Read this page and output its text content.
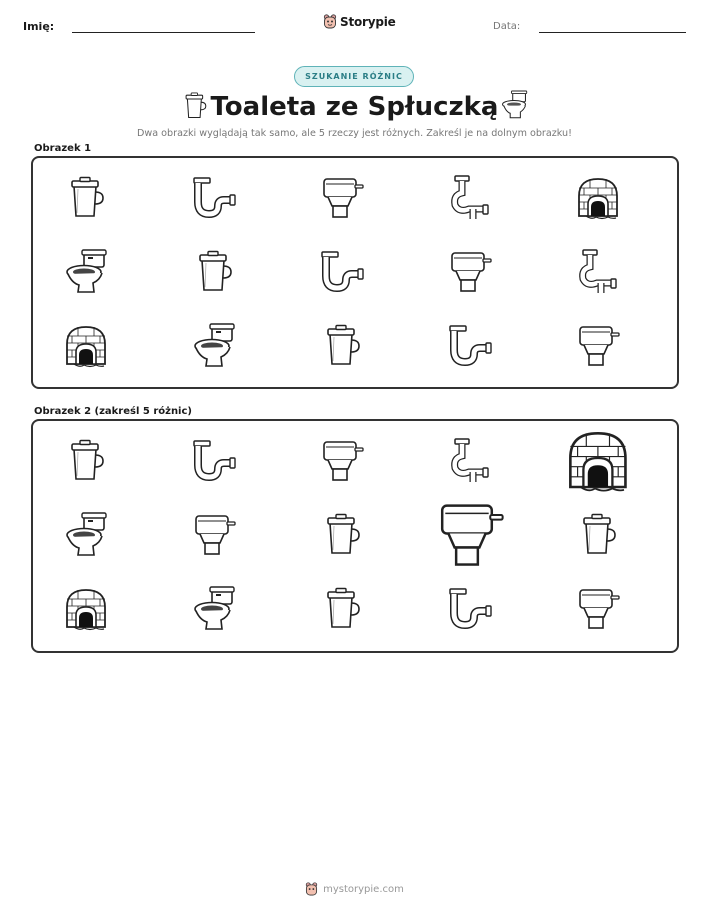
Imię:	Storypie	Data:
SZUKANIE RÓŻNIC
Toaleta ze Spłuczką
Dwa obrazki wyglądają tak samo, ale 5 rzeczy jest różnych. Zakreśl je na dolnym obrazku!
Obrazek 1
Obrazek 2 (zakreśl 5 różnic)
mystorypie.com
